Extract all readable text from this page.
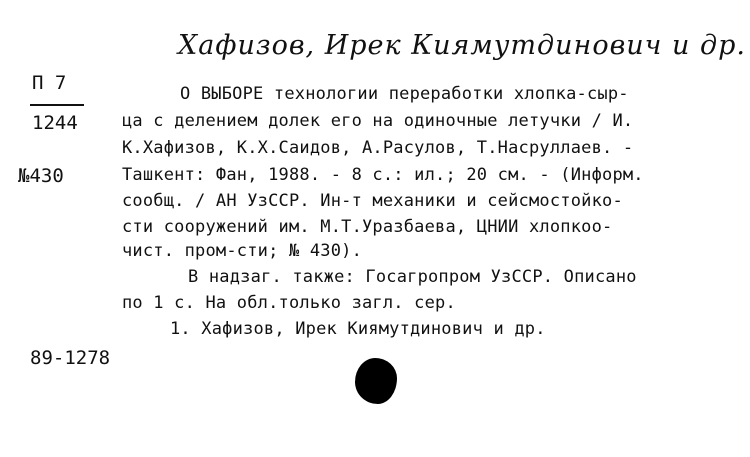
Хафизов, Ирек Киямутдинович и др.
П 7
1244
№430
89-1278
О ВЫБОРЕ технологии переработки хлопка-сыр-
ца с делением долек его на одиночные летучки / И.
К.Хафизов, К.Х.Саидов, А.Расулов, Т.Насруллаев. -
Ташкент: Фан, 1988. - 8 с.: ил.; 20 см. - (Информ.
сообщ. / АН УзССР. Ин-т механики и сейсмостойко-
сти сооружений им. М.Т.Уразбаева, ЦНИИ хлопкоо-
чист. пром-сти; № 430).
В надзаг. также: Госагропром УзССР. Описано
по 1 с. На обл.только загл. сер.
1. Хафизов, Ирек Киямутдинович и др.
